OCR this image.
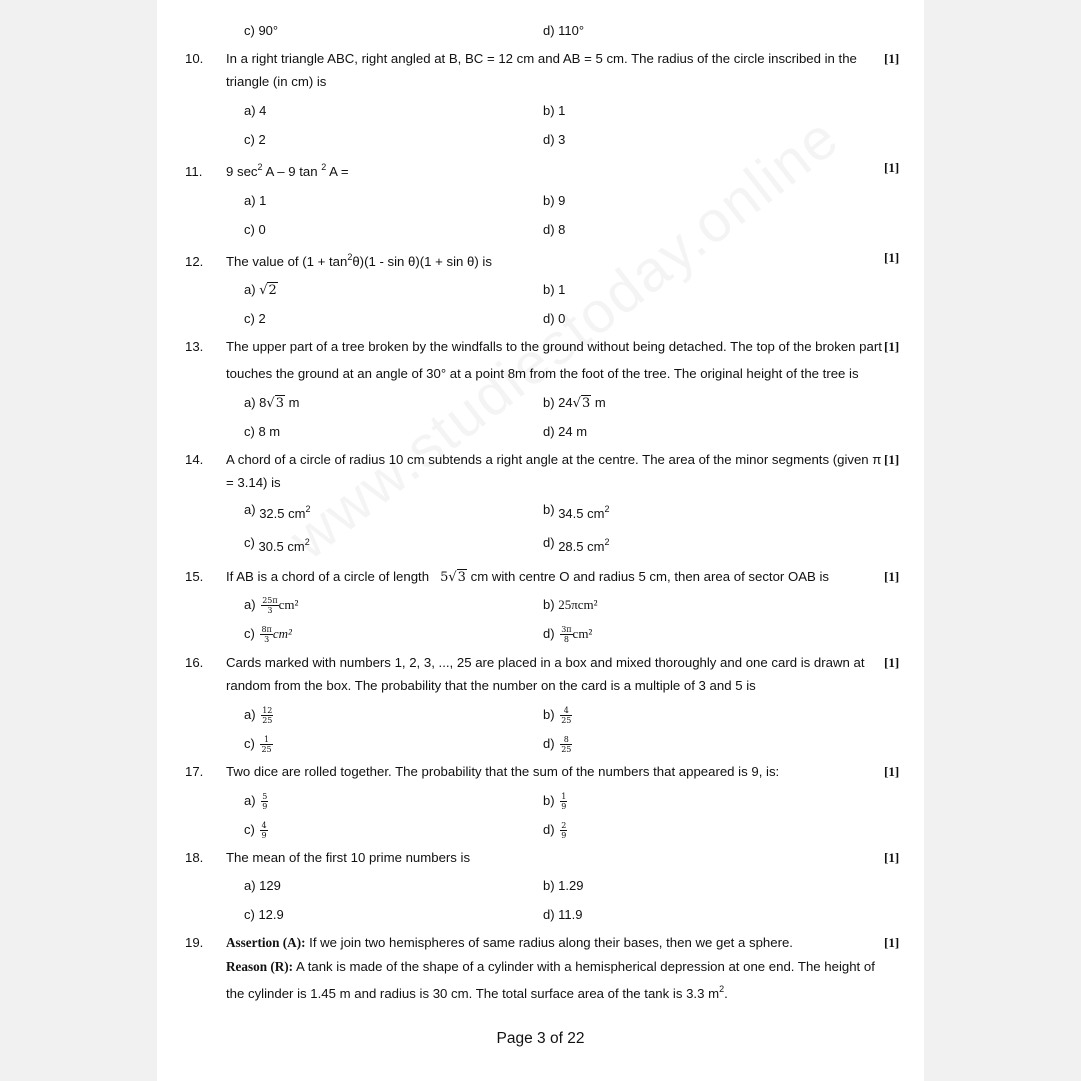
c) 90°	d) 110°
10. In a right triangle ABC, right angled at B, BC = 12 cm and AB = 5 cm. The radius of the circle inscribed in the
triangle (in cm) is
[1]
a) 4	b) 1
c) 2	d) 3
11. 9 $\sec^2 A - 9$ tan $^2$ A =	[1]
a) 1	b) 9
c) 0	d) 8
12. The value of $(1 + \tan^2\theta)(1 - \sin \theta)(1 + \sin \theta)$ is	[1]
a) √2	b) 1
c) 2	d) 0
13. The upper part of a tree broken by the windfalls to the ground without being detached. The top of the broken part
touches the ground at an angle of 30° at a point 8m from the foot of the tree. The original height of the tree is
[1]
a) 8√3 m	b) 24√3 m
c) 8 m	d) 24 m
14. A chord of a circle of radius 10 cm subtends a right angle at the centre. The area of the minor segments (given π
= 3.14) is
[1]
a) 32.5 $cm^2$	b) 34.5 $cm^2$
c) 30.5 $cm^2$	d) 28.5 $cm^2$
15. If AB is a chord of a circle of length 5√3 cm with centre O and radius 5 cm, then area of sector OAB is	[1]
$a) \frac{25\pi}{3} cm^2$	b) 25πcm²
$c) \frac{8\pi}{3} cm^2$	$d) \frac{3\pi}{8} cm^2$
16. Cards marked with numbers 1, 2, 3, ..., 25 are placed in a box and mixed thoroughly and one card is drawn at
random from the box. The probability that the number on the card is a multiple of 3 and 5 is
[1]
$a) \frac{12}{25}$	$b) \frac{4}{25}$
$c) \frac{1}{25}$	$d) \frac{8}{25}$
17. Two dice are rolled together. The probability that the sum of the numbers that appeared is 9, is:	[1]
$a) \frac{5}{9}$	$b) \frac{1}{9}$
$c) \frac{4}{9}$	$d) \frac{2}{9}$
18. The mean of the first 10 prime numbers is	[1]
a) 129	b) 1.29
c) 12.9	d) 11.9
19. Assertion (A): If we join two hemispheres of same radius along their bases, then we get a sphere.	[1]
Reason (R): A tank is made of the shape of a cylinder with a hemispherical depression at one end. The height of
the cylinder is 1.45 m and radius is 30 cm. The total surface area of the tank is 3.3 $m^2$.
Page 3 of 22
